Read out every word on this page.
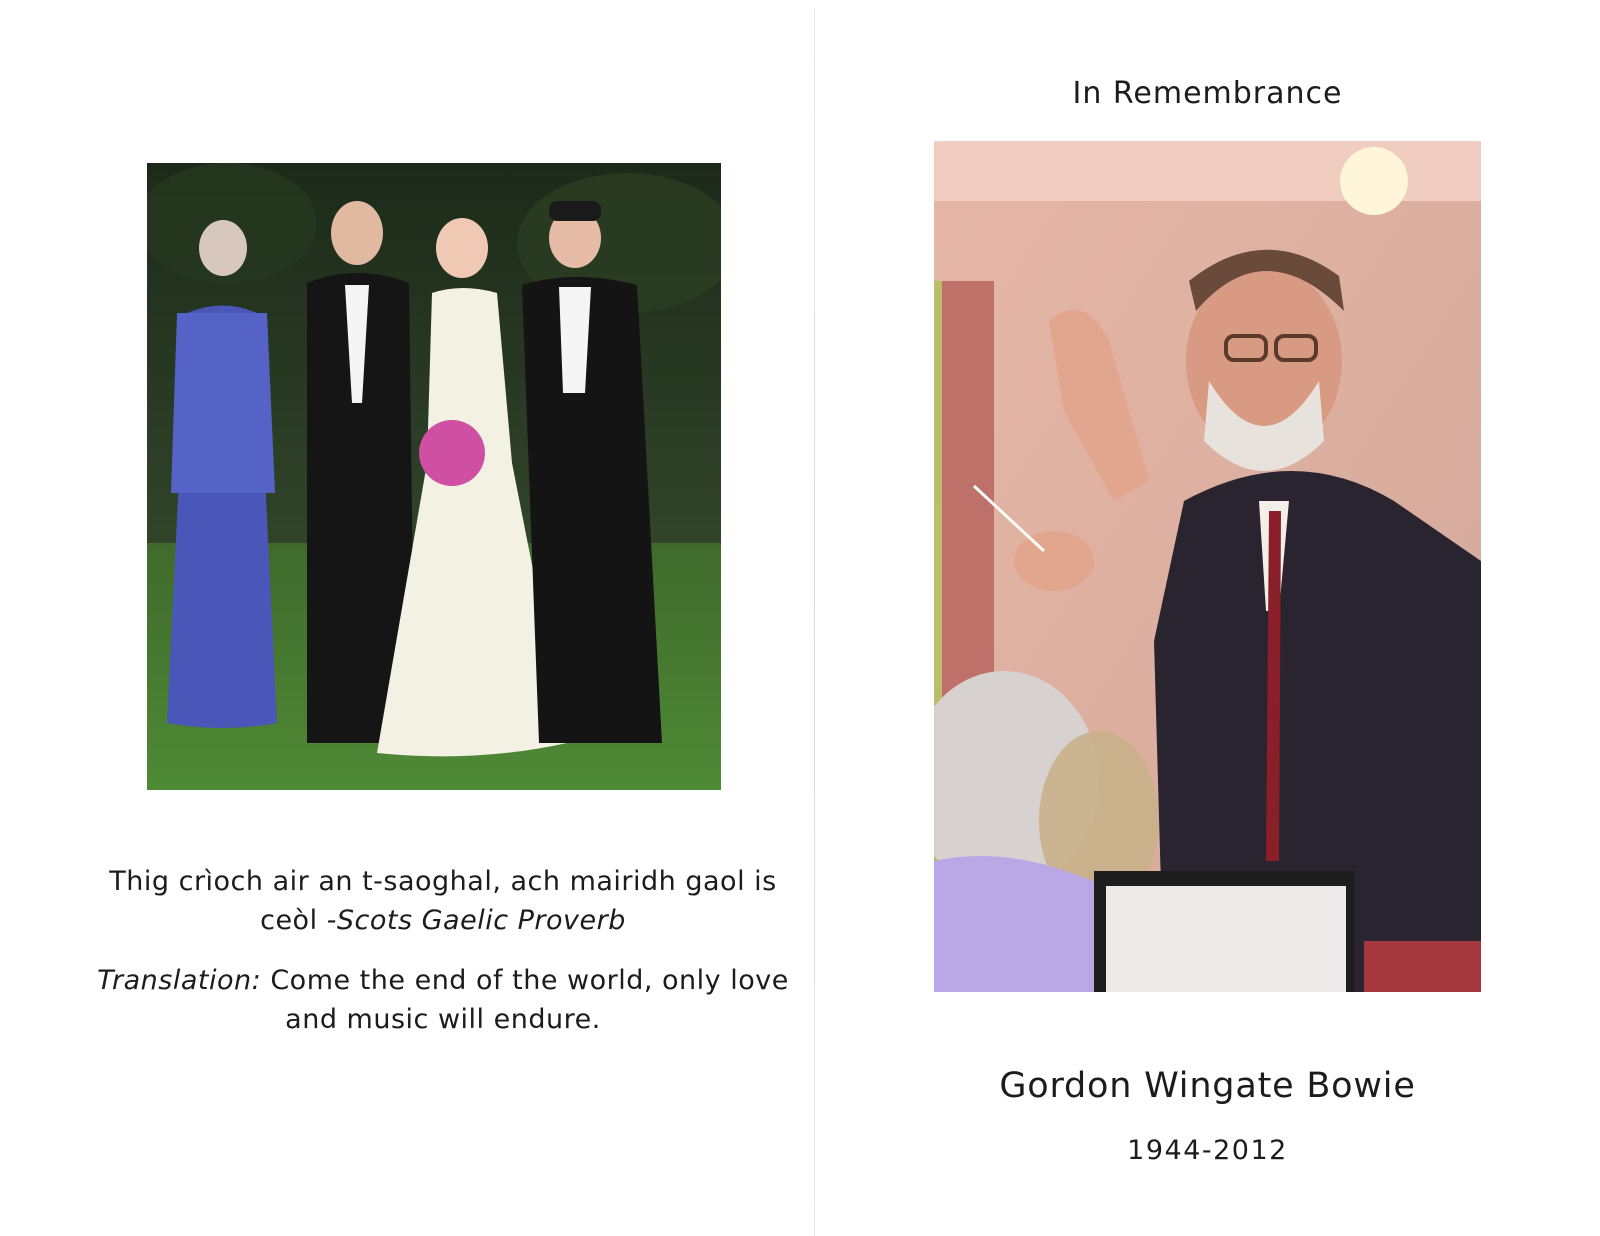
Thig crìoch air an t-saoghal, ach mairidh gaol is ceòl -Scots Gaelic Proverb
Translation: Come the end of the world, only love and music will endure.
In Remembrance
Gordon Wingate Bowie
1944-2012
